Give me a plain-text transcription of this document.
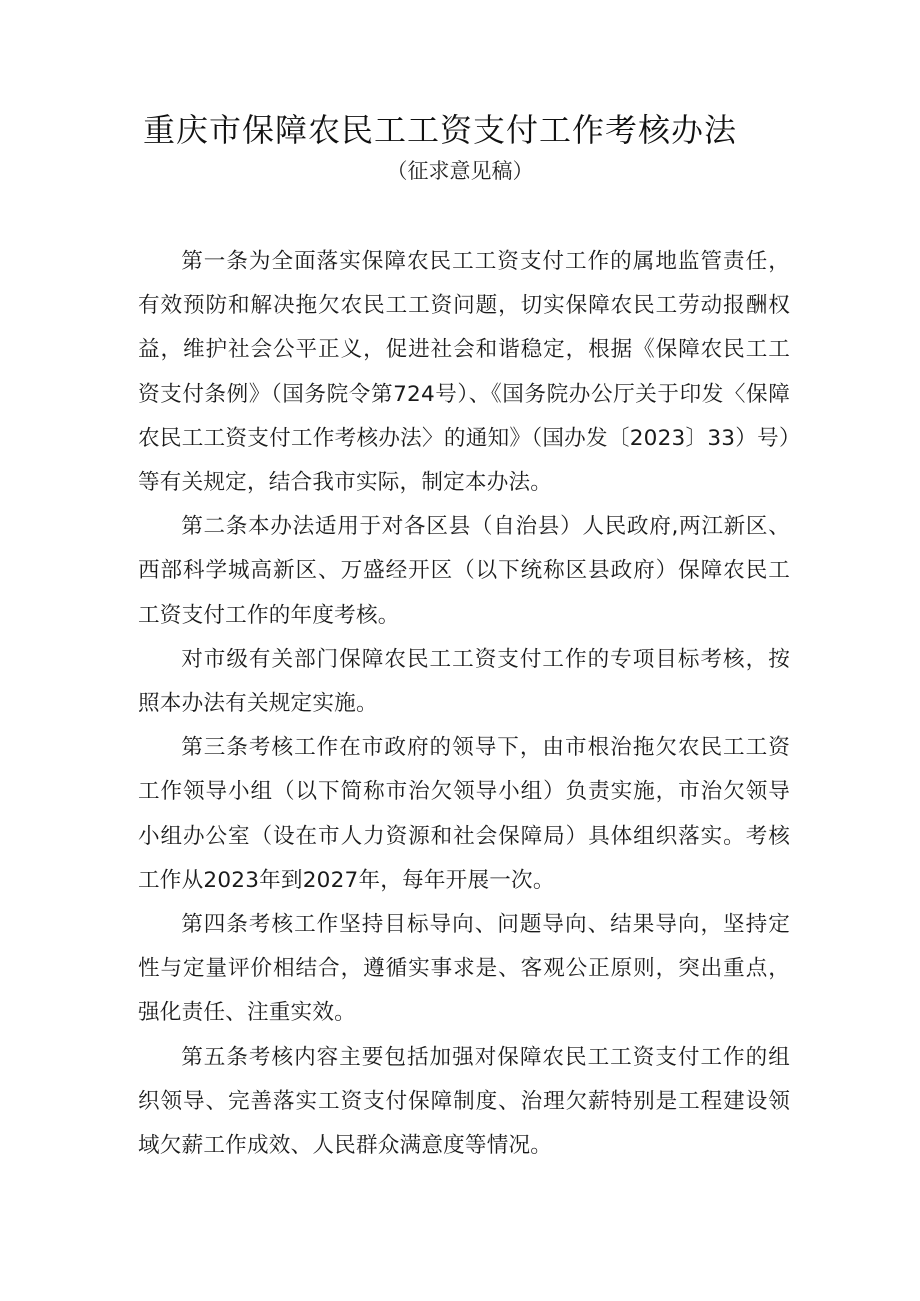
重庆市保障农民工工资支付工作考核办法
（征求意见稿）

第一条为全面落实保障农民工工资支付工作的属地监管责任，有效预防和解决拖欠农民工工资问题，切实保障农民工劳动报酬权益，维护社会公平正义，促进社会和谐稳定，根据《保障农民工工资支付条例》（国务院令第724号）、《国务院办公厅关于印发〈保障农民工工资支付工作考核办法〉的通知》（国办发〔2023〕33）号）等有关规定，结合我市实际，制定本办法。

第二条本办法适用于对各区县（自治县）人民政府,两江新区、西部科学城高新区、万盛经开区（以下统称区县政府）保障农民工工资支付工作的年度考核。

对市级有关部门保障农民工工资支付工作的专项目标考核，按照本办法有关规定实施。

第三条考核工作在市政府的领导下，由市根治拖欠农民工工资工作领导小组（以下简称市治欠领导小组）负责实施，市治欠领导小组办公室（设在市人力资源和社会保障局）具体组织落实。考核工作从2023年到2027年，每年开展一次。

第四条考核工作坚持目标导向、问题导向、结果导向，坚持定性与定量评价相结合，遵循实事求是、客观公正原则，突出重点，强化责任、注重实效。

第五条考核内容主要包括加强对保障农民工工资支付工作的组织领导、完善落实工资支付保障制度、治理欠薪特别是工程建设领域欠薪工作成效、人民群众满意度等情况。
